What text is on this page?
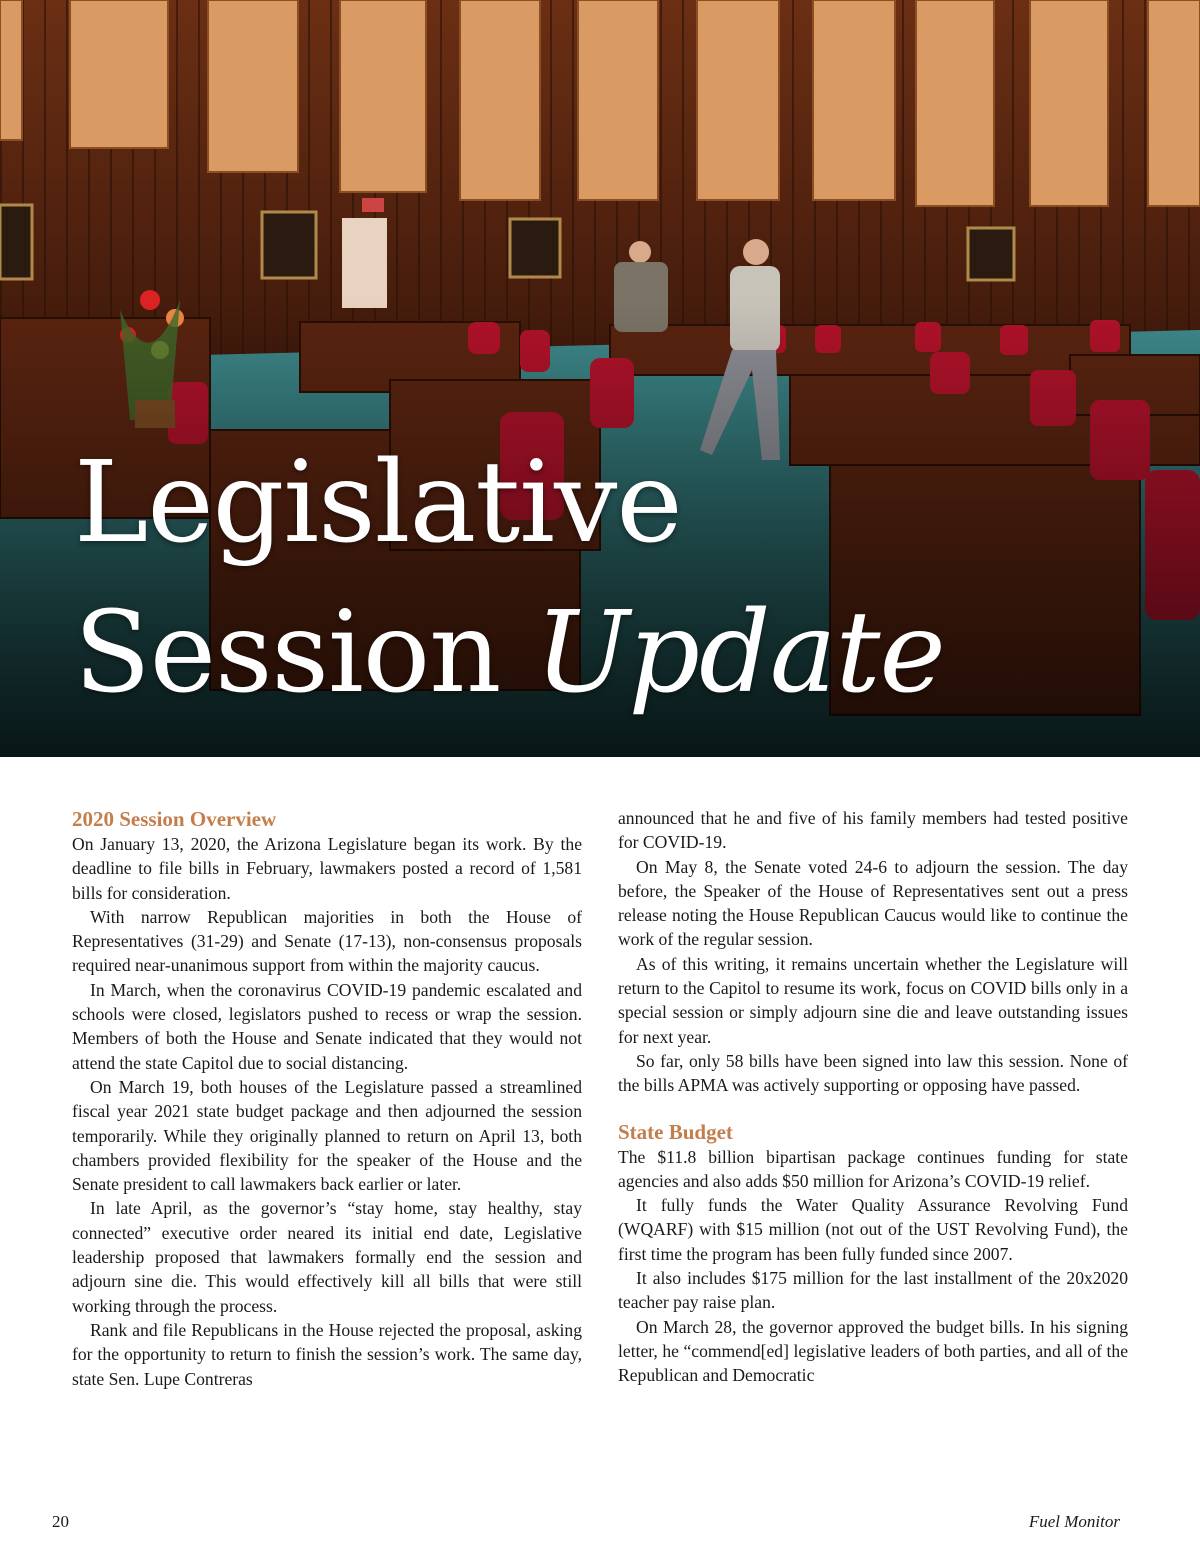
Legislative
Session Update
2020 Session Overview

On January 13, 2020, the Arizona Legislature began its work. By the deadline to file bills in February, lawmakers posted a record of 1,581 bills for consideration.

With narrow Republican majorities in both the House of Representatives (31-29) and Senate (17-13), non-consensus proposals required near-unanimous support from within the majority caucus.

In March, when the coronavirus COVID-19 pandemic escalated and schools were closed, legislators pushed to recess or wrap the session. Members of both the House and Senate indicated that they would not attend the state Capitol due to social distancing.

On March 19, both houses of the Legislature passed a streamlined fiscal year 2021 state budget package and then adjourned the session temporarily. While they originally planned to return on April 13, both chambers provided flexibility for the speaker of the House and the Senate president to call lawmakers back earlier or later.

In late April, as the governor’s “stay home, stay healthy, stay connected” executive order neared its initial end date, Legislative leadership proposed that lawmakers formally end the session and adjourn sine die. This would effectively kill all bills that were still working through the process.

Rank and file Republicans in the House rejected the proposal, asking for the opportunity to return to finish the session’s work. The same day, state Sen. Lupe Contreras

announced that he and five of his family members had tested positive for COVID-19.

On May 8, the Senate voted 24-6 to adjourn the session. The day before, the Speaker of the House of Representatives sent out a press release noting the House Republican Caucus would like to continue the work of the regular session.

As of this writing, it remains uncertain whether the Legislature will return to the Capitol to resume its work, focus on COVID bills only in a special session or simply adjourn sine die and leave outstanding issues for next year.

So far, only 58 bills have been signed into law this session. None of the bills APMA was actively supporting or opposing have passed.

State Budget

The $11.8 billion bipartisan package continues funding for state agencies and also adds $50 million for Arizona’s COVID-19 relief.

It fully funds the Water Quality Assurance Revolving Fund (WQARF) with $15 million (not out of the UST Revolving Fund), the first time the program has been fully funded since 2007.

It also includes $175 million for the last installment of the 20x2020 teacher pay raise plan.

On March 28, the governor approved the budget bills. In his signing letter, he “commend[ed] legislative leaders of both parties, and all of the Republican and Democratic

20	Fuel Monitor
